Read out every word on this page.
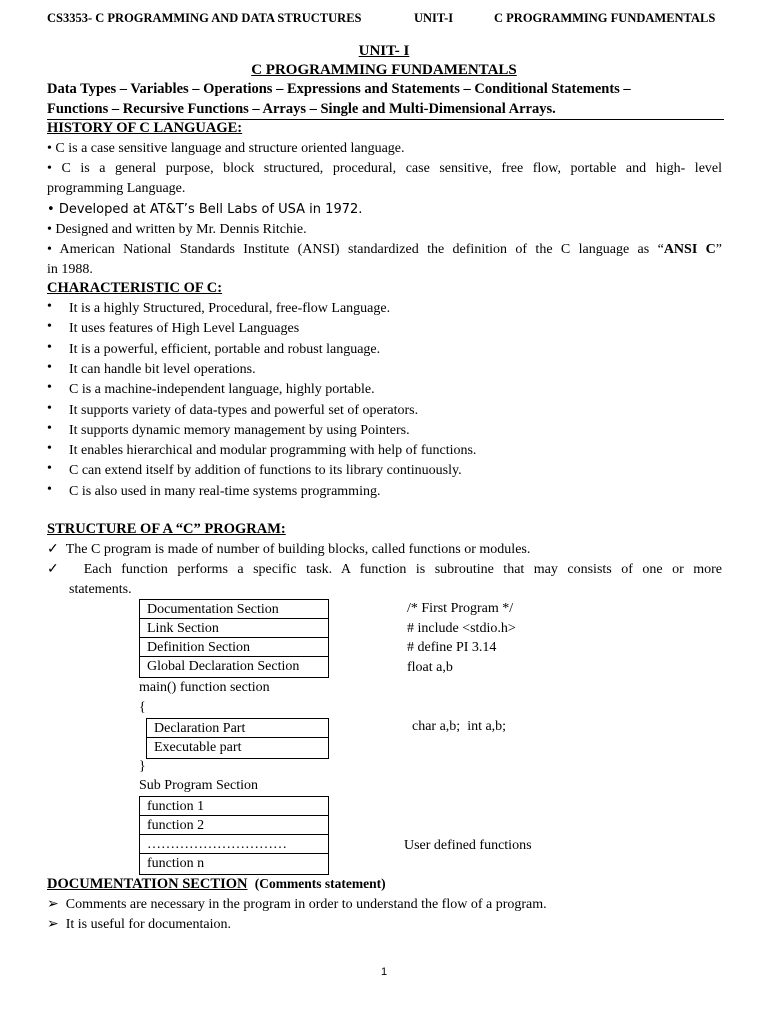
CS3353- C PROGRAMMING AND DATA STRUCTURES	UNIT-I	C PROGRAMMING FUNDAMENTALS
UNIT- I
C PROGRAMMING FUNDAMENTALS
Data Types – Variables – Operations – Expressions and Statements – Conditional Statements –
Functions – Recursive Functions – Arrays – Single and Multi-Dimensional Arrays.
HISTORY OF C LANGUAGE:
• C is a case sensitive language and structure oriented language.
• C is a general purpose, block structured, procedural, case sensitive, free flow, portable and high- level
programming Language.
• Developed at AT&T’s Bell Labs of USA in 1972.
• Designed and written by Mr. Dennis Ritchie.
• American National Standards Institute (ANSI) standardized the definition of the C language as “ANSI C”
in 1988.
CHARACTERISTIC OF C:
• It is a highly Structured, Procedural, free-flow Language.
• It uses features of High Level Languages
• It is a powerful, efficient, portable and robust language.
• It can handle bit level operations.
• C is a machine-independent language, highly portable.
• It supports variety of data-types and powerful set of operators.
• It supports dynamic memory management by using Pointers.
• It enables hierarchical and modular programming with help of functions.
• C can extend itself by addition of functions to its library continuously.
• C is also used in many real-time systems programming.
STRUCTURE OF A “C” PROGRAM:
✓ The C program is made of number of building blocks, called functions or modules.
✓ Each function performs a specific task. A function is subroutine that may consists of one or more
statements.
Documentation Section
Link Section
Definition Section
Global Declaration Section
/* First Program */
# include <stdio.h>
# define PI 3.14
float a,b
main() function section
{
Declaration Part
Executable part
char a,b;  int a,b;
}
Sub Program Section
function 1
function 2
…………………………
function n
User defined functions
DOCUMENTATION SECTION (Comments statement)
➢ Comments are necessary in the program in order to understand the flow of a program.
➢ It is useful for documentaion.
1
